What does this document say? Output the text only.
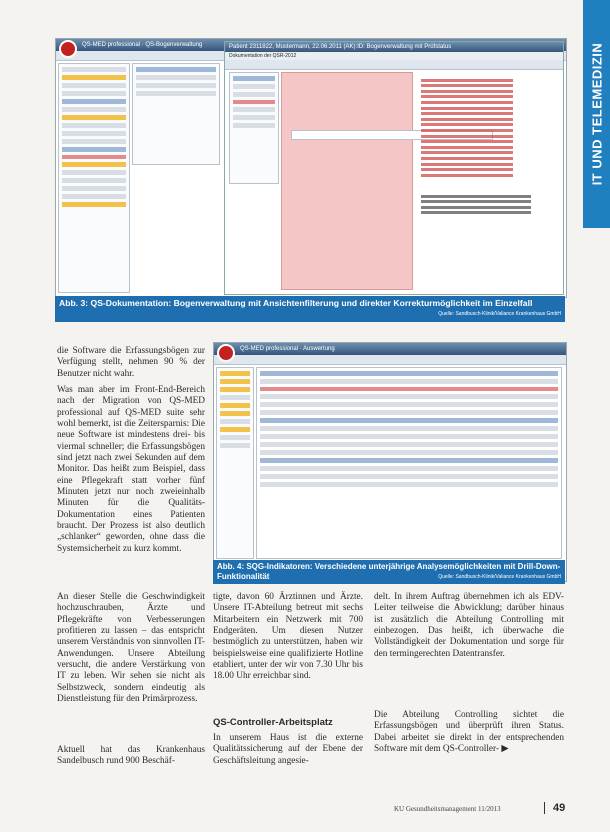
IT UND TELEMEDIZIN
QS-MED professional · QS-Bogenverwaltung	Patient 2311822, Mustermann, 22.06.2011 (AK):ID: Bogenverwaltung mit Prüfstatus
Dokumentation der QSR-2012
Abb. 3: QS-Dokumentation: Bogenverwaltung mit Ansichtenfilterung und direkter Korrekturmöglichkeit im Einzelfall
Quelle: Sandbusch-Klinik/Valiance Krankenhaus GmbH
QS-MED professional · Auswertung
Abb. 4: SQG-Indikatoren: Verschiedene unterjährige Analysemöglichkeiten mit Drill-Down-Funktionalität	Quelle: Sandbusch-Klinik/Valiance Krankenhaus GmbH

die Software die Erfassungsbögen zur Verfügung stellt, nehmen 90 % der Benutzer nicht wahr.

Was man aber im Front-End-Bereich nach der Migration von QS-MED professional auf QS-MED suite sehr wohl bemerkt, ist die Zeitersparnis: Die neue Software ist mindestens drei- bis viermal schneller; die Erfassungsbögen sind jetzt nach zwei Sekunden auf dem Monitor. Das heißt zum Beispiel, dass eine Pflegekraft statt vorher fünf Minuten jetzt nur noch zweieinhalb Minuten für die Qualitäts-Dokumentation eines Patienten braucht. Der Prozess ist also deutlich „schlanker“ geworden, ohne dass die Systemsicherheit zu kurz kommt.

An dieser Stelle die Geschwindigkeit hochzuschrauben, Ärzte und Pflegekräfte von Verbesserungen profitieren zu lassen – das entspricht unserem Verständnis von sinnvollen IT-Anwendungen. Unsere Abteilung versucht, die andere Verstärkung von IT zu leben. Wir sehen sie nicht als Selbstzweck, sondern eindeutig als Dienstleistung für den Primärprozess.

Aktuell hat das Krankenhaus Sandelbusch rund 900 Beschäf-

tigte, davon 60 Ärztinnen und Ärzte. Unsere IT-Abteilung betreut mit sechs Mitarbeitern ein Netzwerk mit 700 Endgeräten. Um diesen Nutzer bestmöglich zu unterstützen, haben wir beispielsweise eine qualifizierte Hotline etabliert, unter der wir von 7.30 Uhr bis 18.00 Uhr erreichbar sind.

QS-Controller-Arbeitsplatz

In unserem Haus ist die externe Qualitätssicherung auf der Ebene der Geschäftsleitung angesie-

delt. In ihrem Auftrag übernehmen ich als EDV-Leiter teilweise die Abwicklung; darüber hinaus ist zusätzlich die Abteilung Controlling mit einbezogen. Das heißt, ich überwache die Vollständigkeit der Dokumentation und sorge für den termingerechten Datentransfer.

Die Abteilung Controlling sichtet die Erfassungsbögen und überprüft ihren Status. Dabei arbeitet sie direkt in der entsprechenden Software mit dem QS-Controller- ▶

KU Gesundheitsmanagement 11/2013	49
